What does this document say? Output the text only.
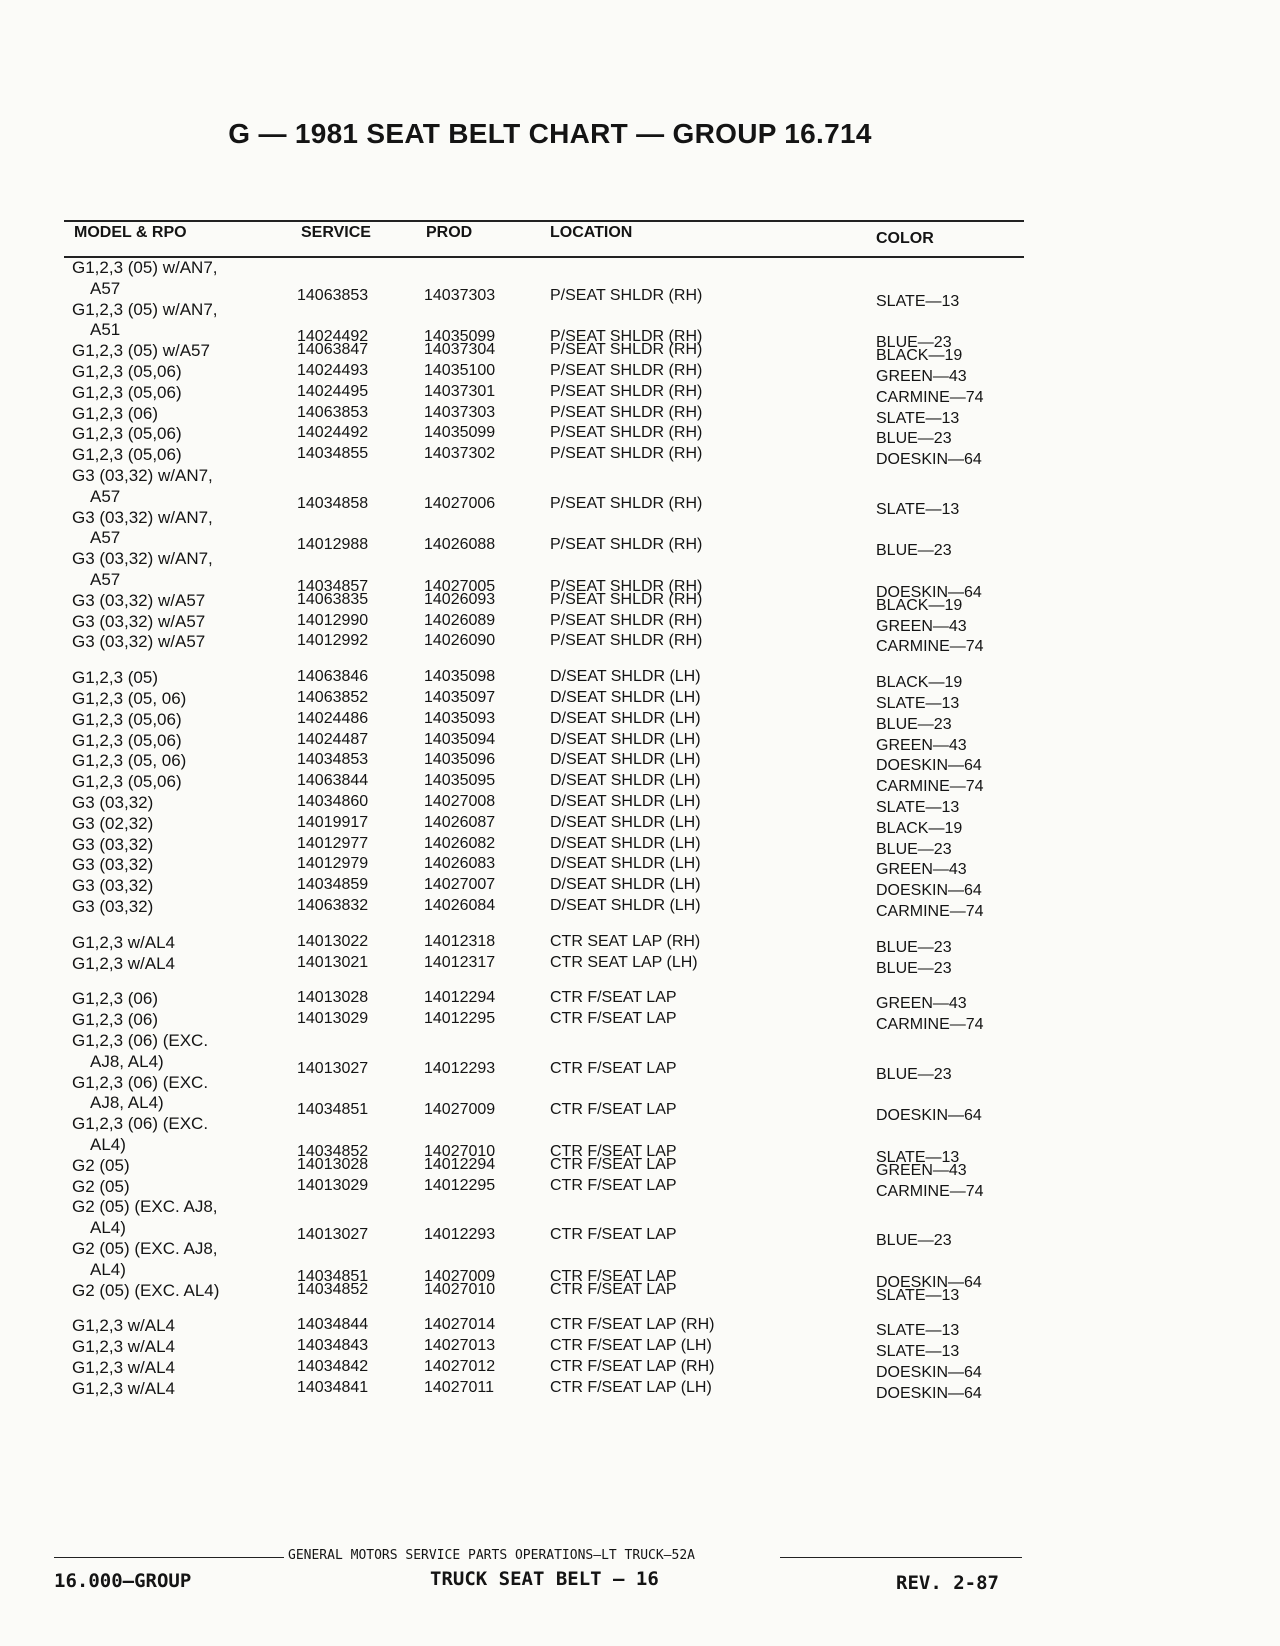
G — 1981 SEAT BELT CHART — GROUP 16.714
MODEL & RPO	SERVICE	PROD	LOCATION	COLOR
G1,2,3 (05) w/AN7,
A57	14063853	14037303	P/SEAT SHLDR (RH)	SLATE—13
G1,2,3 (05) w/AN7,
A51	14024492	14035099	P/SEAT SHLDR (RH)	BLUE—23
G1,2,3 (05) w/A57	14063847	14037304	P/SEAT SHLDR (RH)	BLACK—19
G1,2,3 (05,06)	14024493	14035100	P/SEAT SHLDR (RH)	GREEN—43
G1,2,3 (05,06)	14024495	14037301	P/SEAT SHLDR (RH)	CARMINE—74
G1,2,3 (06)	14063853	14037303	P/SEAT SHLDR (RH)	SLATE—13
G1,2,3 (05,06)	14024492	14035099	P/SEAT SHLDR (RH)	BLUE—23
G1,2,3 (05,06)	14034855	14037302	P/SEAT SHLDR (RH)	DOESKIN—64
G3 (03,32) w/AN7,
A57	14034858	14027006	P/SEAT SHLDR (RH)	SLATE—13
G3 (03,32) w/AN7,
A57	14012988	14026088	P/SEAT SHLDR (RH)	BLUE—23
G3 (03,32) w/AN7,
A57	14034857	14027005	P/SEAT SHLDR (RH)	DOESKIN—64
G3 (03,32) w/A57	14063835	14026093	P/SEAT SHLDR (RH)	BLACK—19
G3 (03,32) w/A57	14012990	14026089	P/SEAT SHLDR (RH)	GREEN—43
G3 (03,32) w/A57	14012992	14026090	P/SEAT SHLDR (RH)	CARMINE—74
G1,2,3 (05)	14063846	14035098	D/SEAT SHLDR (LH)	BLACK—19
G1,2,3 (05, 06)	14063852	14035097	D/SEAT SHLDR (LH)	SLATE—13
G1,2,3 (05,06)	14024486	14035093	D/SEAT SHLDR (LH)	BLUE—23
G1,2,3 (05,06)	14024487	14035094	D/SEAT SHLDR (LH)	GREEN—43
G1,2,3 (05, 06)	14034853	14035096	D/SEAT SHLDR (LH)	DOESKIN—64
G1,2,3 (05,06)	14063844	14035095	D/SEAT SHLDR (LH)	CARMINE—74
G3 (03,32)	14034860	14027008	D/SEAT SHLDR (LH)	SLATE—13
G3 (02,32)	14019917	14026087	D/SEAT SHLDR (LH)	BLACK—19
G3 (03,32)	14012977	14026082	D/SEAT SHLDR (LH)	BLUE—23
G3 (03,32)	14012979	14026083	D/SEAT SHLDR (LH)	GREEN—43
G3 (03,32)	14034859	14027007	D/SEAT SHLDR (LH)	DOESKIN—64
G3 (03,32)	14063832	14026084	D/SEAT SHLDR (LH)	CARMINE—74
G1,2,3 w/AL4	14013022	14012318	CTR SEAT LAP (RH)	BLUE—23
G1,2,3 w/AL4	14013021	14012317	CTR SEAT LAP (LH)	BLUE—23
G1,2,3 (06)	14013028	14012294	CTR F/SEAT LAP	GREEN—43
G1,2,3 (06)	14013029	14012295	CTR F/SEAT LAP	CARMINE—74
G1,2,3 (06) (EXC.
AJ8, AL4)	14013027	14012293	CTR F/SEAT LAP	BLUE—23
G1,2,3 (06) (EXC.
AJ8, AL4)	14034851	14027009	CTR F/SEAT LAP	DOESKIN—64
G1,2,3 (06) (EXC.
AL4)	14034852	14027010	CTR F/SEAT LAP	SLATE—13
G2 (05)	14013028	14012294	CTR F/SEAT LAP	GREEN—43
G2 (05)	14013029	14012295	CTR F/SEAT LAP	CARMINE—74
G2 (05) (EXC. AJ8,
AL4)	14013027	14012293	CTR F/SEAT LAP	BLUE—23
G2 (05) (EXC. AJ8,
AL4)	14034851	14027009	CTR F/SEAT LAP	DOESKIN—64
G2 (05) (EXC. AL4)	14034852	14027010	CTR F/SEAT LAP	SLATE—13
G1,2,3 w/AL4	14034844	14027014	CTR F/SEAT LAP (RH)	SLATE—13
G1,2,3 w/AL4	14034843	14027013	CTR F/SEAT LAP (LH)	SLATE—13
G1,2,3 w/AL4	14034842	14027012	CTR F/SEAT LAP (RH)	DOESKIN—64
G1,2,3 w/AL4	14034841	14027011	CTR F/SEAT LAP (LH)	DOESKIN—64
GENERAL MOTORS SERVICE PARTS OPERATIONS—LT TRUCK—52A
16.000—GROUP	TRUCK SEAT BELT — 16	REV. 2-87
